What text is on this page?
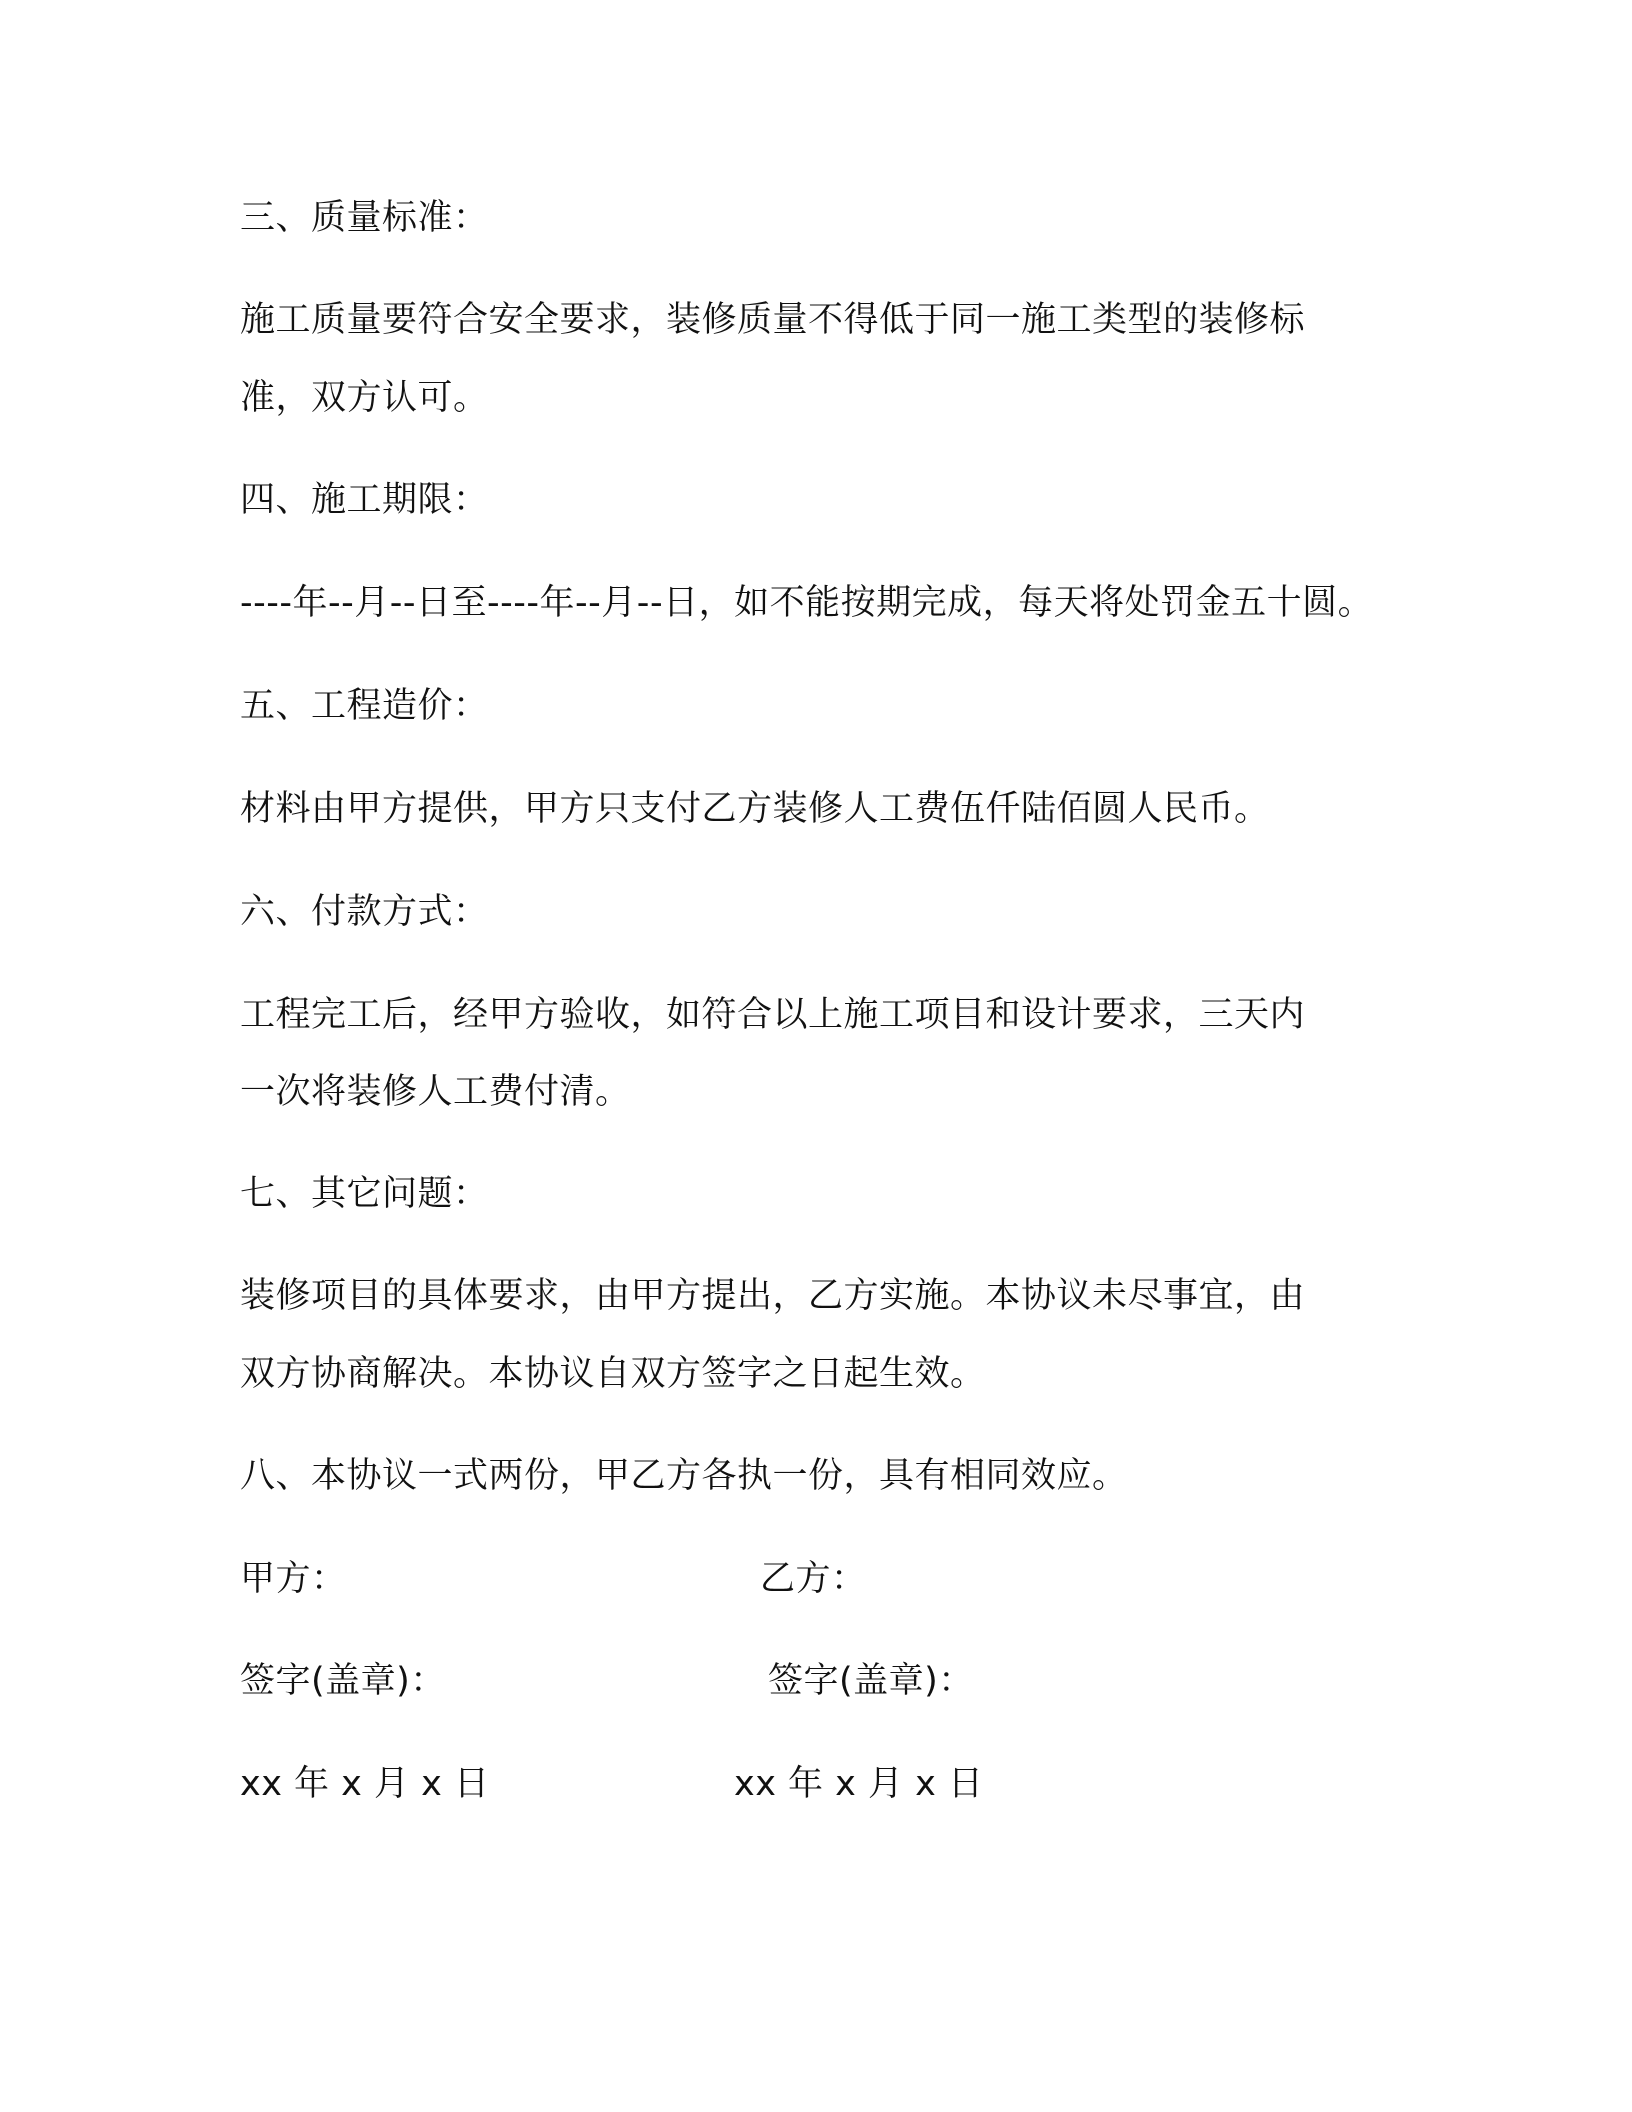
三、质量标准：
施工质量要符合安全要求，装修质量不得低于同一施工类型的装修标
准，双方认可。
四、施工期限：
----年--月--日至----年--月--日，如不能按期完成，每天将处罚金五十圆。
五、工程造价：
材料由甲方提供，甲方只支付乙方装修人工费伍仟陆佰圆人民币。
六、付款方式：
工程完工后，经甲方验收，如符合以上施工项目和设计要求，三天内
一次将装修人工费付清。
七、其它问题：
装修项目的具体要求，由甲方提出，乙方实施。本协议未尽事宜，由
双方协商解决。本协议自双方签字之日起生效。
八、本协议一式两份，甲乙方各执一份，具有相同效应。
甲方：	乙方：
签字(盖章)：	签字(盖章)：
xx 年 x 月 x 日	xx 年 x 月 x 日
